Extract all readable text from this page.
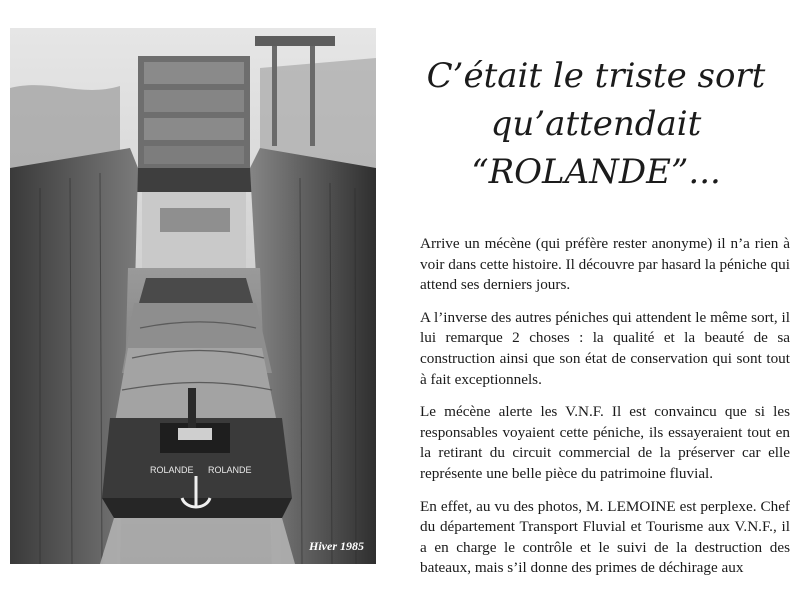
ROLANDE ROLANDE
Hiver 1985
C’était le triste sort
qu’attendait
“ROLANDE”...

Arrive un mécène (qui préfère rester anonyme) il n’a rien à voir dans cette histoire. Il découvre par hasard la péniche qui attend ses derniers jours.

A l’inverse des autres péniches qui attendent le même sort, il lui remarque 2 choses : la qualité et la beauté de sa construction ainsi que son état de conservation qui sont tout à fait exceptionnels.

Le mécène alerte les V.N.F. Il est convaincu que si les responsables voyaient cette péniche, ils essayeraient tout en la retirant du circuit commercial de la préserver car elle représente une belle pièce du patrimoine fluvial.

En effet, au vu des photos, M. LEMOINE est perplexe. Chef du département Transport Fluvial et Tourisme aux V.N.F., il a en charge le contrôle et le suivi de la destruction des bateaux, mais s’il donne des primes de déchirage aux
